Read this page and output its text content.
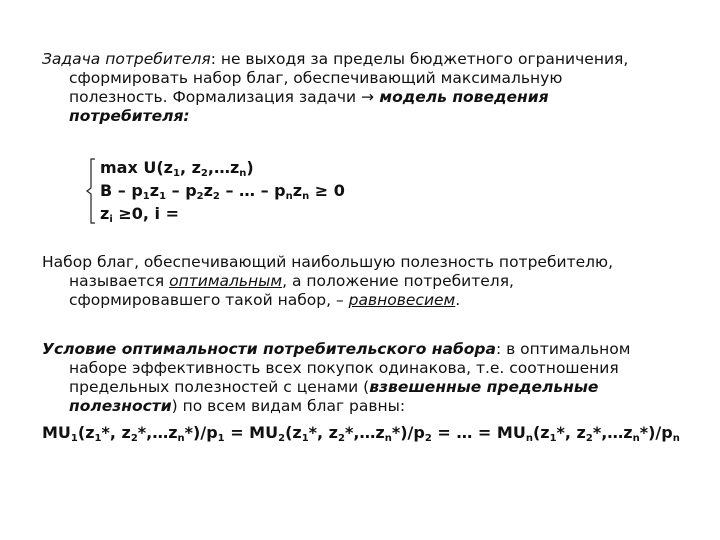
Задача потребителя: не выходя за пределы бюджетного ограничения,
сформировать набор благ, обеспечивающий максимальную
полезность. Формализация задачи → модель поведения
потребителя:
$\max U(z_1$, $z_2,\dots z_n$)
B – $p_1z_1 - p_2z_2$ – … – $p_nz_n \ge 0$
$z_i \ge 0$, i =
Набор благ, обеспечивающий наибольшую полезность потребителю,
называется оптимальным, а положение потребителя,
сформировавшего такой набор, – равновесием.
Условие оптимальности потребительского набора: в оптимальном
наборе эффективность всех покупок одинакова, т.е. соотношения
предельных полезностей с ценами (взвешенные предельные
полезности) по всем видам благ равны:
$MU_1(z_1*$, $z_2*,\dots z_n*)/p_1 = MU_2(z_1*$, $z_2*,\dots z_n*)/p_2$ = … = $MU_n(z_1*$, $z_2*,\dots z_n*)/p_n$
